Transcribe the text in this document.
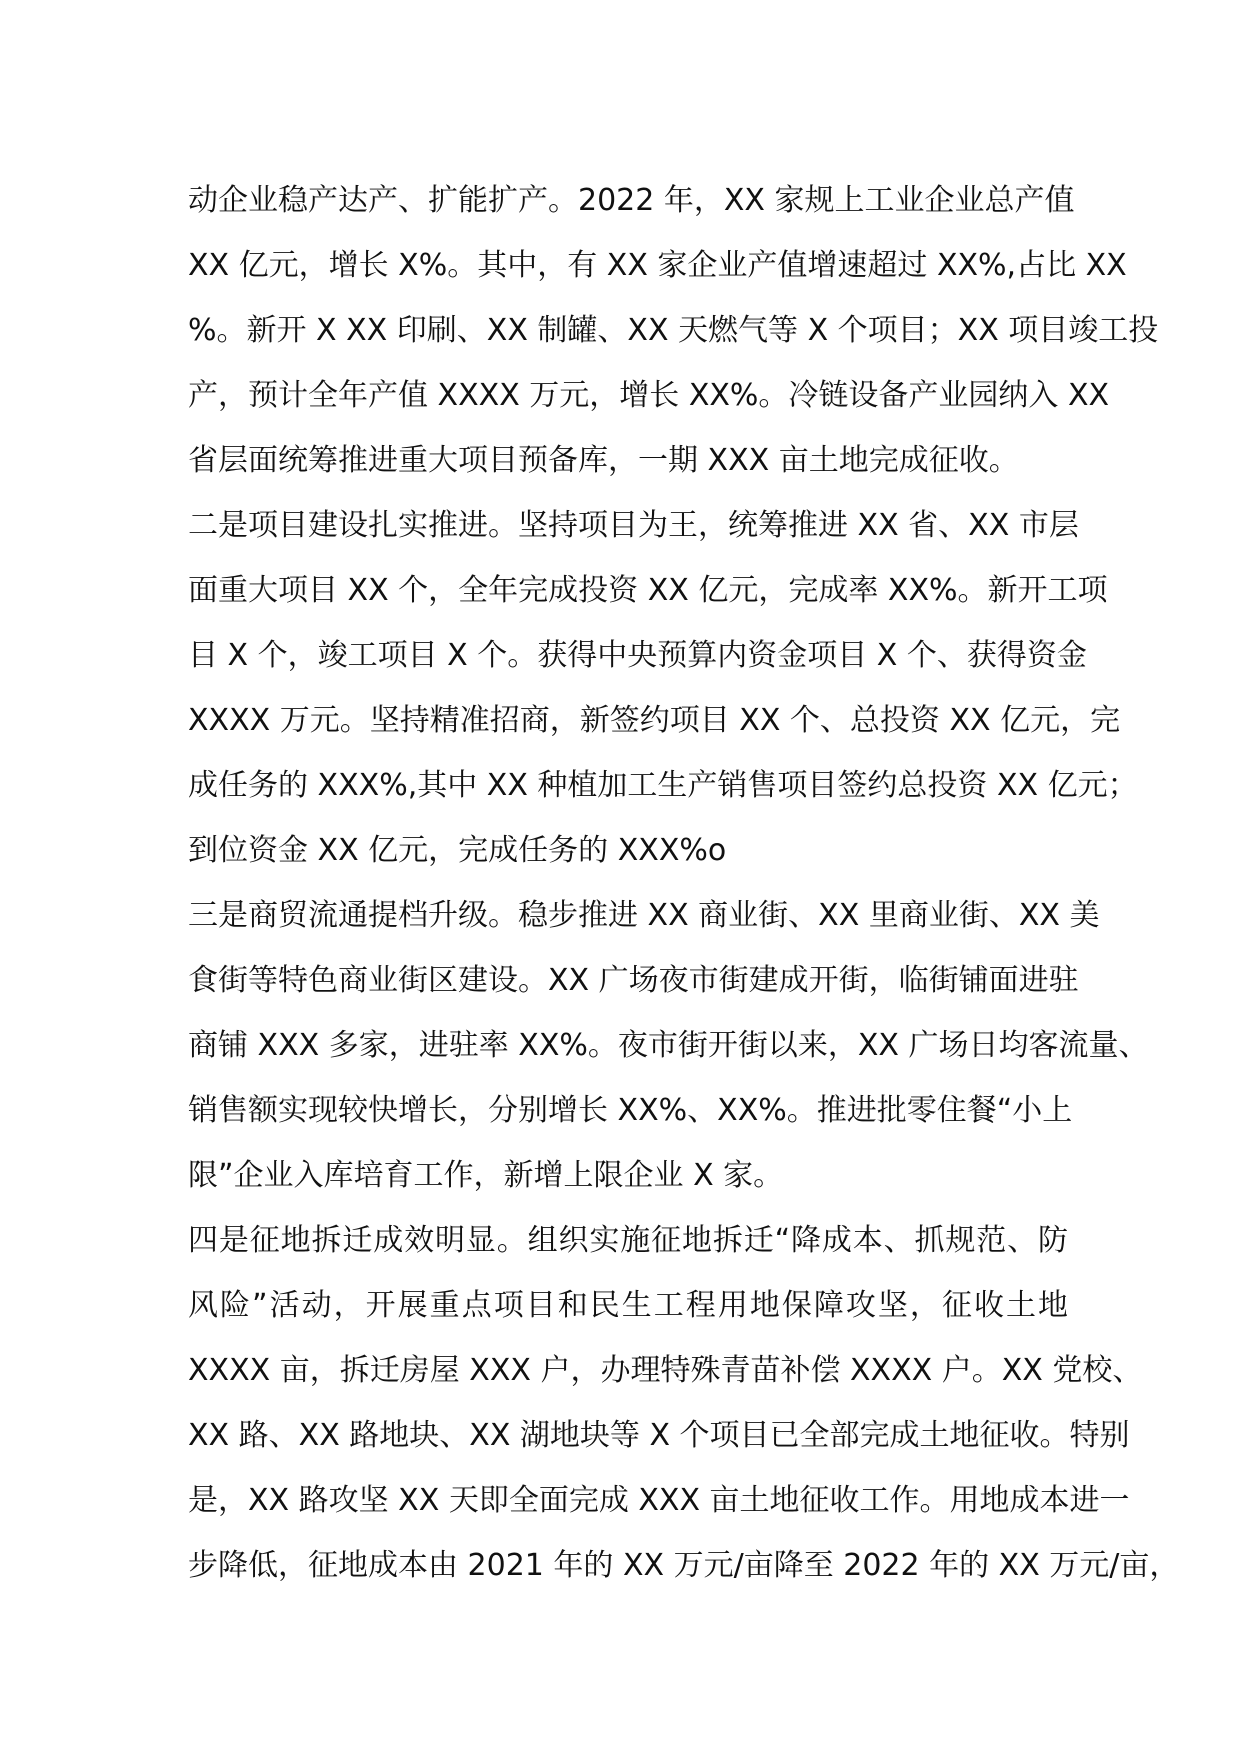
动企业稳产达产、扩能扩产。2022 年，XX 家规上工业企业总产值
XX 亿元，增长 X%。其中，有 XX 家企业产值增速超过 XX%,占比 XX
%。新开 X XX 印刷、XX 制罐、XX 天燃气等 X 个项目；XX 项目竣工投
产，预计全年产值 XXXX 万元，增长 XX%。冷链设备产业园纳入 XX
省层面统筹推进重大项目预备库，一期 XXX 亩土地完成征收。
二是项目建设扎实推进。坚持项目为王，统筹推进 XX 省、XX 市层
面重大项目 XX 个，全年完成投资 XX 亿元，完成率 XX%。新开工项
目 X 个，竣工项目 X 个。获得中央预算内资金项目 X 个、获得资金
XXXX 万元。坚持精准招商，新签约项目 XX 个、总投资 XX 亿元，完
成任务的 XXX%,其中 XX 种植加工生产销售项目签约总投资 XX 亿元；
到位资金 XX 亿元，完成任务的 XXX%o
三是商贸流通提档升级。稳步推进 XX 商业街、XX 里商业街、XX 美
食街等特色商业街区建设。XX 广场夜市街建成开街，临街铺面进驻
商铺 XXX 多家，进驻率 XX%。夜市街开街以来，XX 广场日均客流量、
销售额实现较快增长，分别增长 XX%、XX%。推进批零住餐“小上
限”企业入库培育工作，新增上限企业 X 家。
四是征地拆迁成效明显。组织实施征地拆迁“降成本、抓规范、防
风险”活动，开展重点项目和民生工程用地保障攻坚，征收土地
XXXX 亩，拆迁房屋 XXX 户，办理特殊青苗补偿 XXXX 户。XX 党校、
XX 路、XX 路地块、XX 湖地块等 X 个项目已全部完成土地征收。特别
是，XX 路攻坚 XX 天即全面完成 XXX 亩土地征收工作。用地成本进一
步降低，征地成本由 2021 年的 XX 万元/亩降至 2022 年的 XX 万元/亩，
